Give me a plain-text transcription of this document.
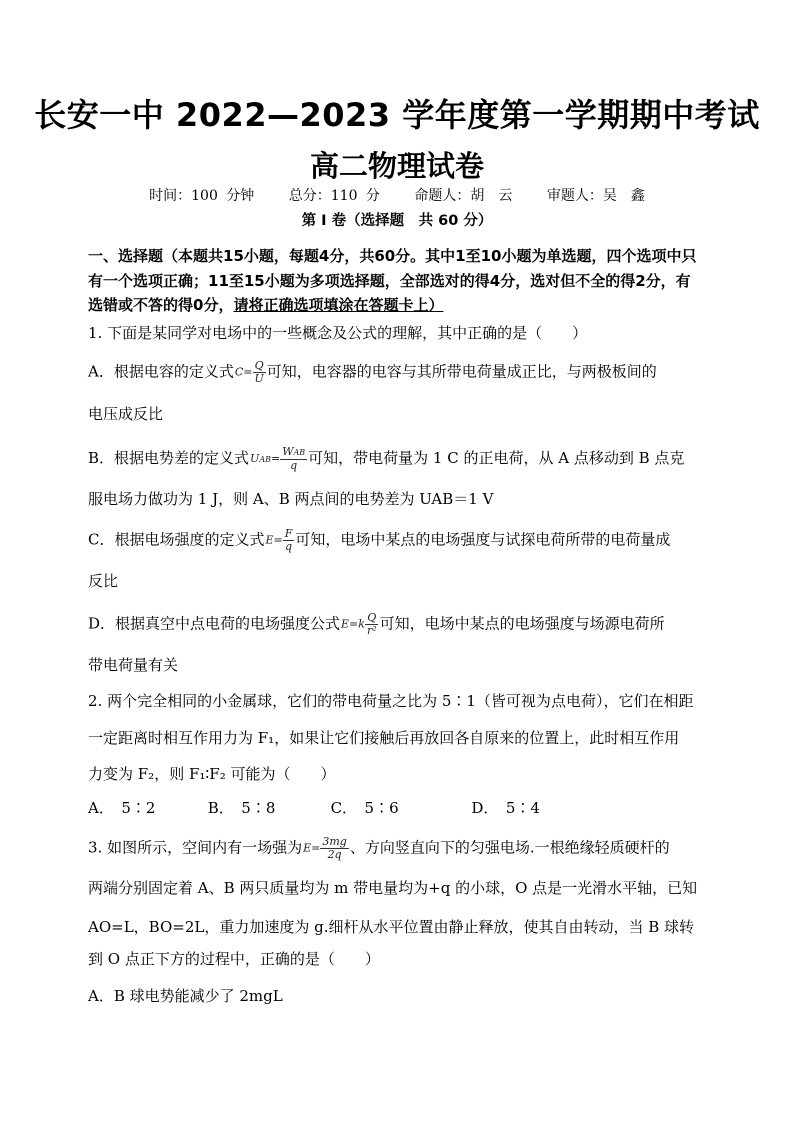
长安一中 2022—2023 学年度第一学期期中考试
高二物理试卷
时间：100 分钟 总分：110 分 命题人：胡　云 审题人：吴　鑫
第 I 卷（选择题　共 60 分）
一、选择题（本题共15小题，每题4分，共60分。其中1至10小题为单选题，四个选项中只
有一个选项正确；11至15小题为多项选择题，全部选对的得4分，选对但不全的得2分，有
选错或不答的得0分，请将正确选项填涂在答题卡上）
1. 下面是某同学对电场中的一些概念及公式的理解，其中正确的是（　　）
A．根据电容的定义式$C= \frac{Q}{U}$ 可知，电容器的电容与其所带电荷量成正比，与两极板间的
电压成反比
B．根据电势差的定义式$UAB= \frac{\text{WAB}}{q}$ 可知，带电荷量为 1 C 的正电荷，从 A 点移动到 B 点克
服电场力做功为 1 J，则 A、B 两点间的电势差为 UAB＝1 V
C．根据电场强度的定义式$E= \frac{F}{q}$ 可知，电场中某点的电场强度与试探电荷所带的电荷量成
反比
D．根据真空中点电荷的电场强度公式$E=k \frac{Q}{\text{r²}}$ 可知，电场中某点的电场强度与场源电荷所
带电荷量有关
2. 两个完全相同的小金属球，它们的带电荷量之比为 5∶1（皆可视为点电荷），它们在相距
一定距离时相互作用力为 F₁，如果让它们接触后再放回各自原来的位置上，此时相互作用
力变为 F₂，则 F₁∶F₂ 可能为（　　）
A．　5∶2	B．　5∶8	C．　5∶6	D．　5∶4
3. 如图所示，空间内有一场强为$E= \frac{3mg}{2q}$ 、方向竖直向下的匀强电场.一根绝缘轻质硬杆的
两端分别固定着 A、B 两只质量均为 m 带电量均为+q 的小球，O 点是一光滑水平轴，已知
AO=L，BO=2L，重力加速度为 g.细杆从水平位置由静止释放，使其自由转动，当 B 球转
到 O 点正下方的过程中，正确的是（　　）
A．B 球电势能减少了 2mgL
